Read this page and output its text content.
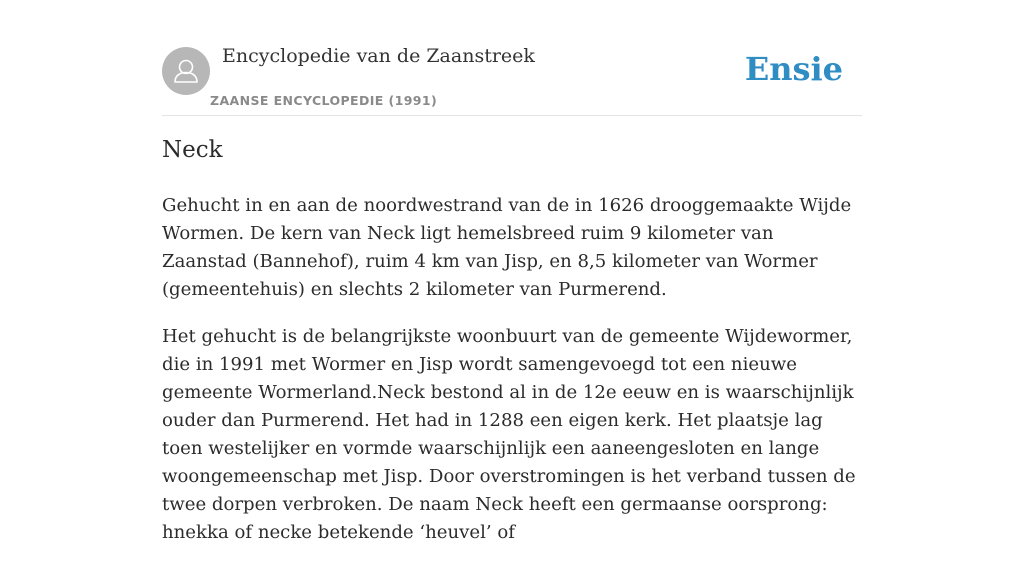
Encyclopedie van de Zaanstreek
ZAANSE ENCYCLOPEDIE (1991)
Ensie
Neck

Gehucht in en aan de noordwestrand van de in 1626 drooggemaakte Wijde Wormen. De kern van Neck ligt hemelsbreed ruim 9 kilometer van Zaanstad (Bannehof), ruim 4 km van Jisp, en 8,5 kilometer van Wormer (gemeentehuis) en slechts 2 kilometer van Purmerend.

Het gehucht is de belangrijkste woonbuurt van de gemeente Wijdewormer, die in 1991 met Wormer en Jisp wordt samengevoegd tot een nieuwe gemeente Wormerland.Neck bestond al in de 12e eeuw en is waarschijnlijk ouder dan Purmerend. Het had in 1288 een eigen kerk. Het plaatsje lag toen westelijker en vormde waarschijnlijk een aaneengesloten en lange woongemeenschap met Jisp. Door overstromingen is het verband tussen de twee dorpen verbroken. De naam Neck heeft een germaanse oorsprong: hnekka of necke betekende ‘heuvel’ of
